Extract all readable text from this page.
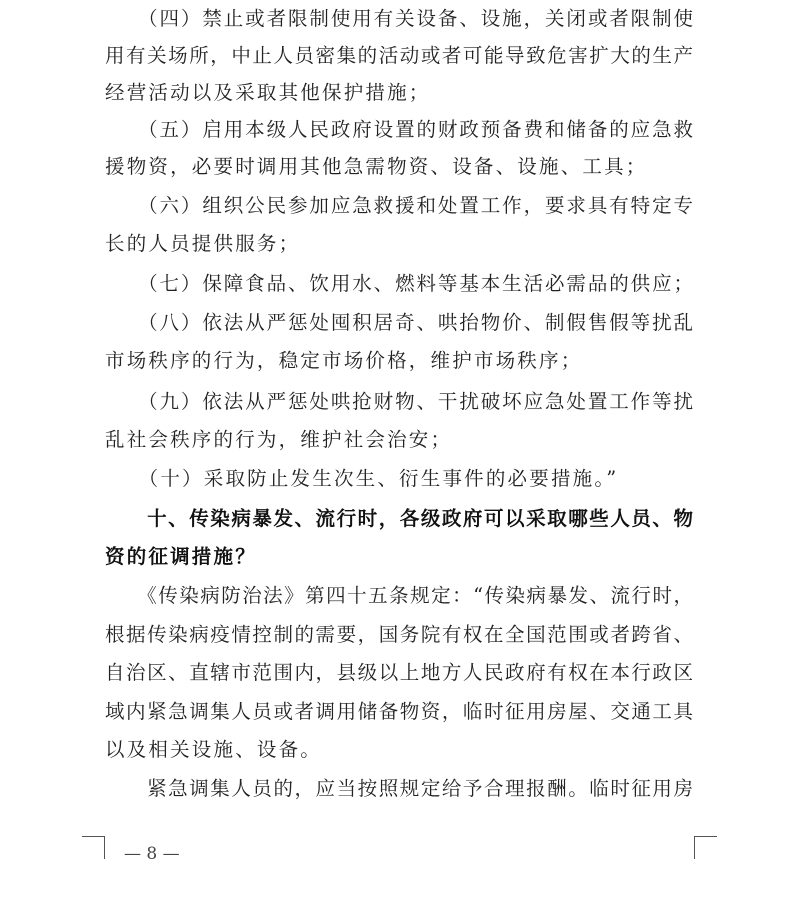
　　（四）禁止或者限制使用有关设备、设施，关闭或者限制使
用有关场所，中止人员密集的活动或者可能导致危害扩大的生产
经营活动以及采取其他保护措施；
　　（五）启用本级人民政府设置的财政预备费和储备的应急救
援物资，必要时调用其他急需物资、设备、设施、工具；
　　（六）组织公民参加应急救援和处置工作，要求具有特定专
长的人员提供服务；
　　（七）保障食品、饮用水、燃料等基本生活必需品的供应；
　　（八）依法从严惩处囤积居奇、哄抬物价、制假售假等扰乱
市场秩序的行为，稳定市场价格，维护市场秩序；
　　（九）依法从严惩处哄抢财物、干扰破坏应急处置工作等扰
乱社会秩序的行为，维护社会治安；
　　（十）采取防止发生次生、衍生事件的必要措施。”
　　十、传染病暴发、流行时，各级政府可以采取哪些人员、物
资的征调措施？
　　《传染病防治法》第四十五条规定：“传染病暴发、流行时，
根据传染病疫情控制的需要，国务院有权在全国范围或者跨省、
自治区、直辖市范围内，县级以上地方人民政府有权在本行政区
域内紧急调集人员或者调用储备物资，临时征用房屋、交通工具
以及相关设施、设备。
　　紧急调集人员的，应当按照规定给予合理报酬。临时征用房
— 8 —
